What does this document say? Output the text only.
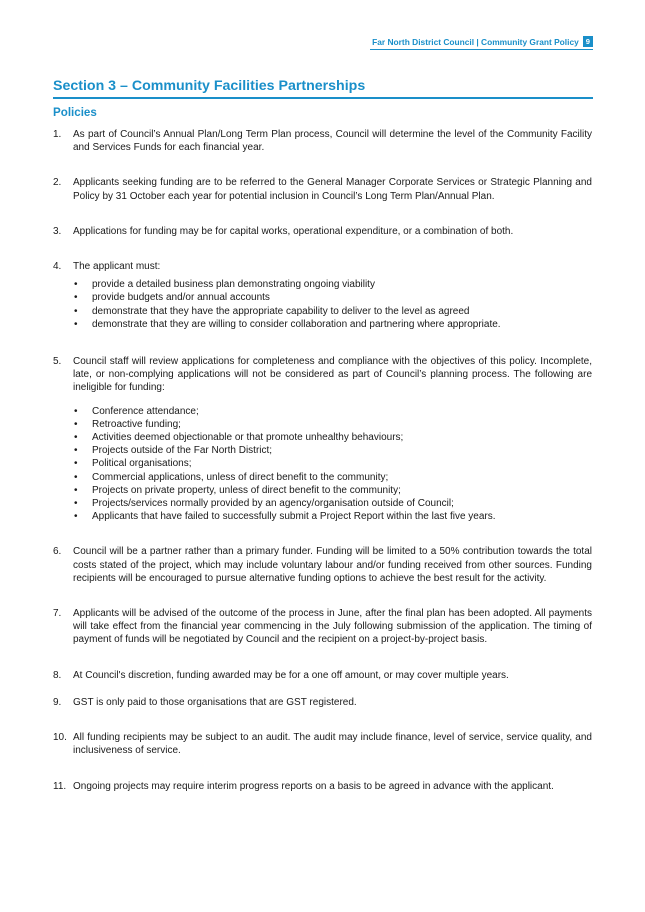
Far North District Council | Community Grant Policy 9
Section 3 – Community Facilities Partnerships
Policies
1. As part of Council’s Annual Plan/Long Term Plan process, Council will determine the level of the Community Facility and Services Funds for each financial year.
2. Applicants seeking funding are to be referred to the General Manager Corporate Services or Strategic Planning and Policy by 31 October each year for potential inclusion in Council’s Long Term Plan/Annual Plan.
3. Applications for funding may be for capital works, operational expenditure, or a combination of both.
4. The applicant must:
• provide a detailed business plan demonstrating ongoing viability
• provide budgets and/or annual accounts
• demonstrate that they have the appropriate capability to deliver to the level as agreed
• demonstrate that they are willing to consider collaboration and partnering where appropriate.
5. Council staff will review applications for completeness and compliance with the objectives of this policy. Incomplete, late, or non-complying applications will not be considered as part of Council’s planning process. The following are ineligible for funding:
• Conference attendance;
• Retroactive funding;
• Activities deemed objectionable or that promote unhealthy behaviours;
• Projects outside of the Far North District;
• Political organisations;
• Commercial applications, unless of direct benefit to the community;
• Projects on private property, unless of direct benefit to the community;
• Projects/services normally provided by an agency/organisation outside of Council;
• Applicants that have failed to successfully submit a Project Report within the last five years.
6. Council will be a partner rather than a primary funder. Funding will be limited to a 50% contribution towards the total costs stated of the project, which may include voluntary labour and/or funding received from other sources. Funding recipients will be encouraged to pursue alternative funding options to achieve the best result for the activity.
7. Applicants will be advised of the outcome of the process in June, after the final plan has been adopted. All payments will take effect from the financial year commencing in the July following submission of the application. The timing of payment of funds will be negotiated by Council and the recipient on a project-by-project basis.
8. At Council's discretion, funding awarded may be for a one off amount, or may cover multiple years.
9. GST is only paid to those organisations that are GST registered.
10. All funding recipients may be subject to an audit. The audit may include finance, level of service, service quality, and inclusiveness of service.
11. Ongoing projects may require interim progress reports on a basis to be agreed in advance with the applicant.
